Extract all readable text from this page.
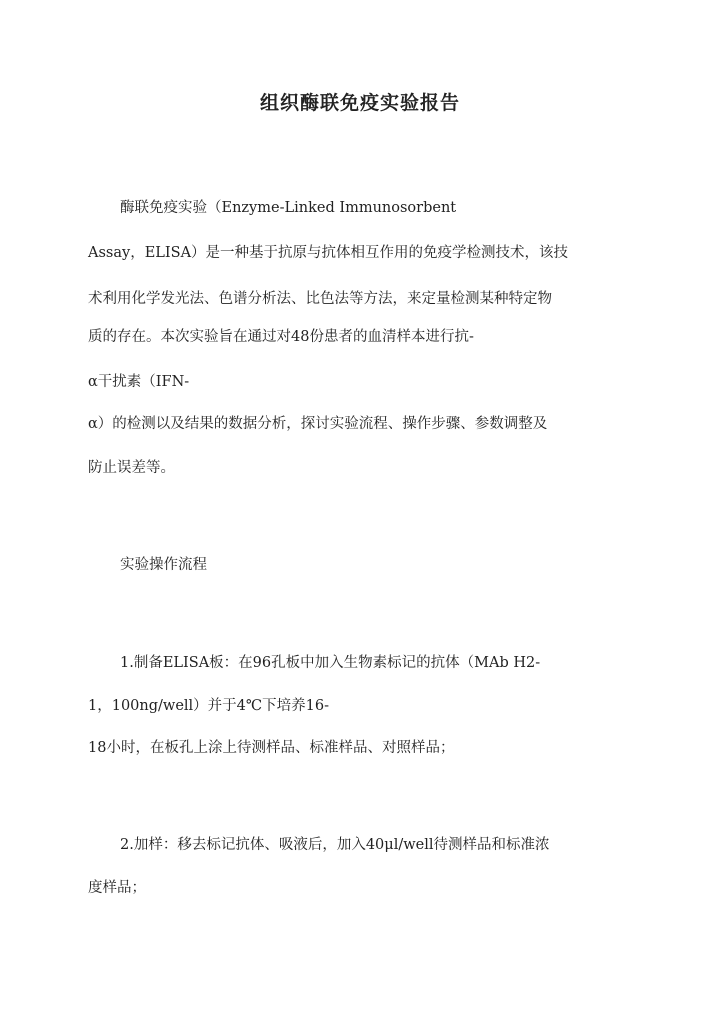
组织酶联免疫实验报告

酶联免疫实验（Enzyme-Linked Immunosorbent

Assay，ELISA）是一种基于抗原与抗体相互作用的免疫学检测技术，该技

术利用化学发光法、色谱分析法、比色法等方法，来定量检测某种特定物

质的存在。本次实验旨在通过对48份患者的血清样本进行抗-

α干扰素（IFN-

α）的检测以及结果的数据分析，探讨实验流程、操作步骤、参数调整及

防止误差等。

实验操作流程

1.制备ELISA板：在96孔板中加入生物素标记的抗体（MAb H2-

1，100ng/well）并于4℃下培养16-

18小时，在板孔上涂上待测样品、标准样品、对照样品；

2.加样：移去标记抗体、吸液后，加入40μl/well待测样品和标准浓

度样品；
